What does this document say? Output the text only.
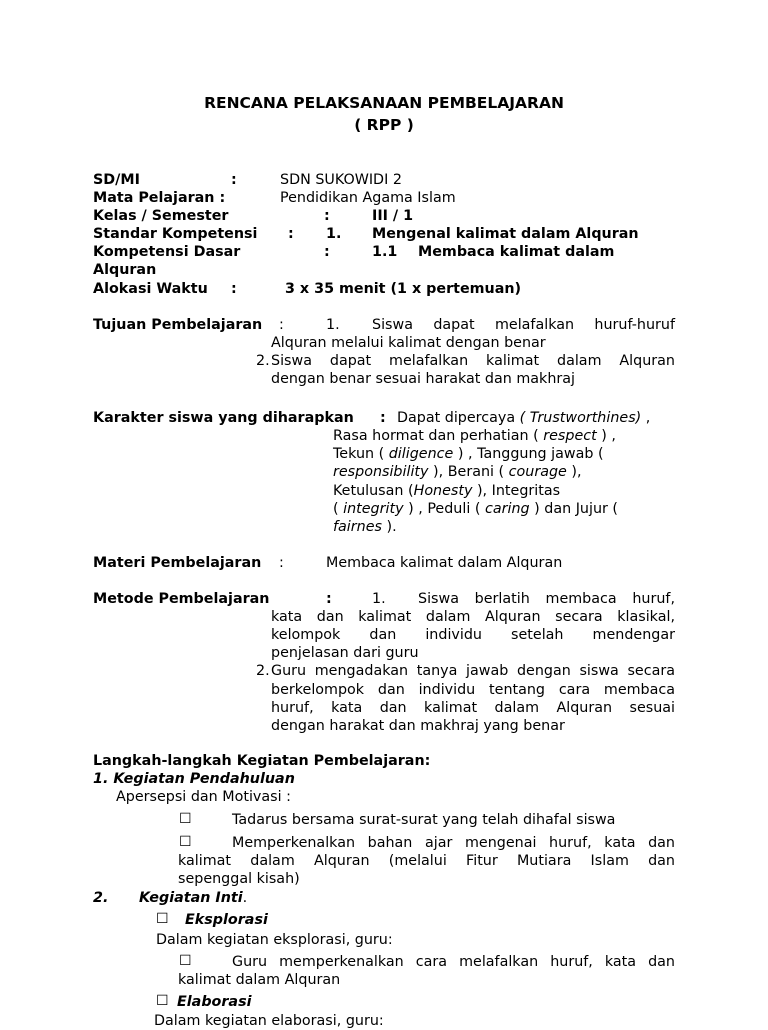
RENCANA PELAKSANAAN PEMBELAJARAN
( RPP )
SD/MI	:	SDN SUKOWIDI 2
Mata Pelajaran :	Pendidikan Agama Islam
Kelas / Semester	:	III / 1
Standar Kompetensi : 1. Mengenal kalimat dalam Alquran
Kompetensi Dasar	:	1.1 Membaca kalimat dalam
Alquran
Alokasi Waktu :	3 x 35 menit (1 x pertemuan)
Tujuan Pembelajaran :	1. Siswa dapat melafalkan huruf-huruf
Alquran melalui kalimat dengan benar
2. Siswa dapat melafalkan kalimat dalam Alquran
dengan benar sesuai harakat dan makhraj
Karakter siswa yang diharapkan : Dapat dipercaya ( Trustworthines) ,
Rasa hormat dan perhatian ( respect ) ,
Tekun ( diligence ) , Tanggung jawab (
responsibility ), Berani ( courage ),
Ketulusan (Honesty ), Integritas
( integrity ) , Peduli ( caring ) dan Jujur (
fairnes ).
Materi Pembelajaran :	Membaca kalimat dalam Alquran
Metode Pembelajaran	:	1. Siswa berlatih membaca huruf,
kata dan kalimat dalam Alquran secara klasikal,
kelompok dan individu setelah mendengar
penjelasan dari guru
2. Guru mengadakan tanya jawab dengan siswa secara
berkelompok dan individu tentang cara membaca
huruf, kata dan kalimat dalam Alquran sesuai
dengan harakat dan makhraj yang benar
Langkah-langkah Kegiatan Pembelajaran:
1. Kegiatan Pendahuluan
Apersepsi dan Motivasi :
☐	Tadarus bersama surat-surat yang telah dihafal siswa
☐	Memperkenalkan bahan ajar mengenai huruf, kata dan
kalimat dalam Alquran (melalui Fitur Mutiara Islam dan
sepenggal kisah)
2. Kegiatan Inti.
☐ Eksplorasi
Dalam kegiatan eksplorasi, guru:
☐	Guru memperkenalkan cara melafalkan huruf, kata dan
kalimat dalam Alquran
☐ Elaborasi
Dalam kegiatan elaborasi, guru:
